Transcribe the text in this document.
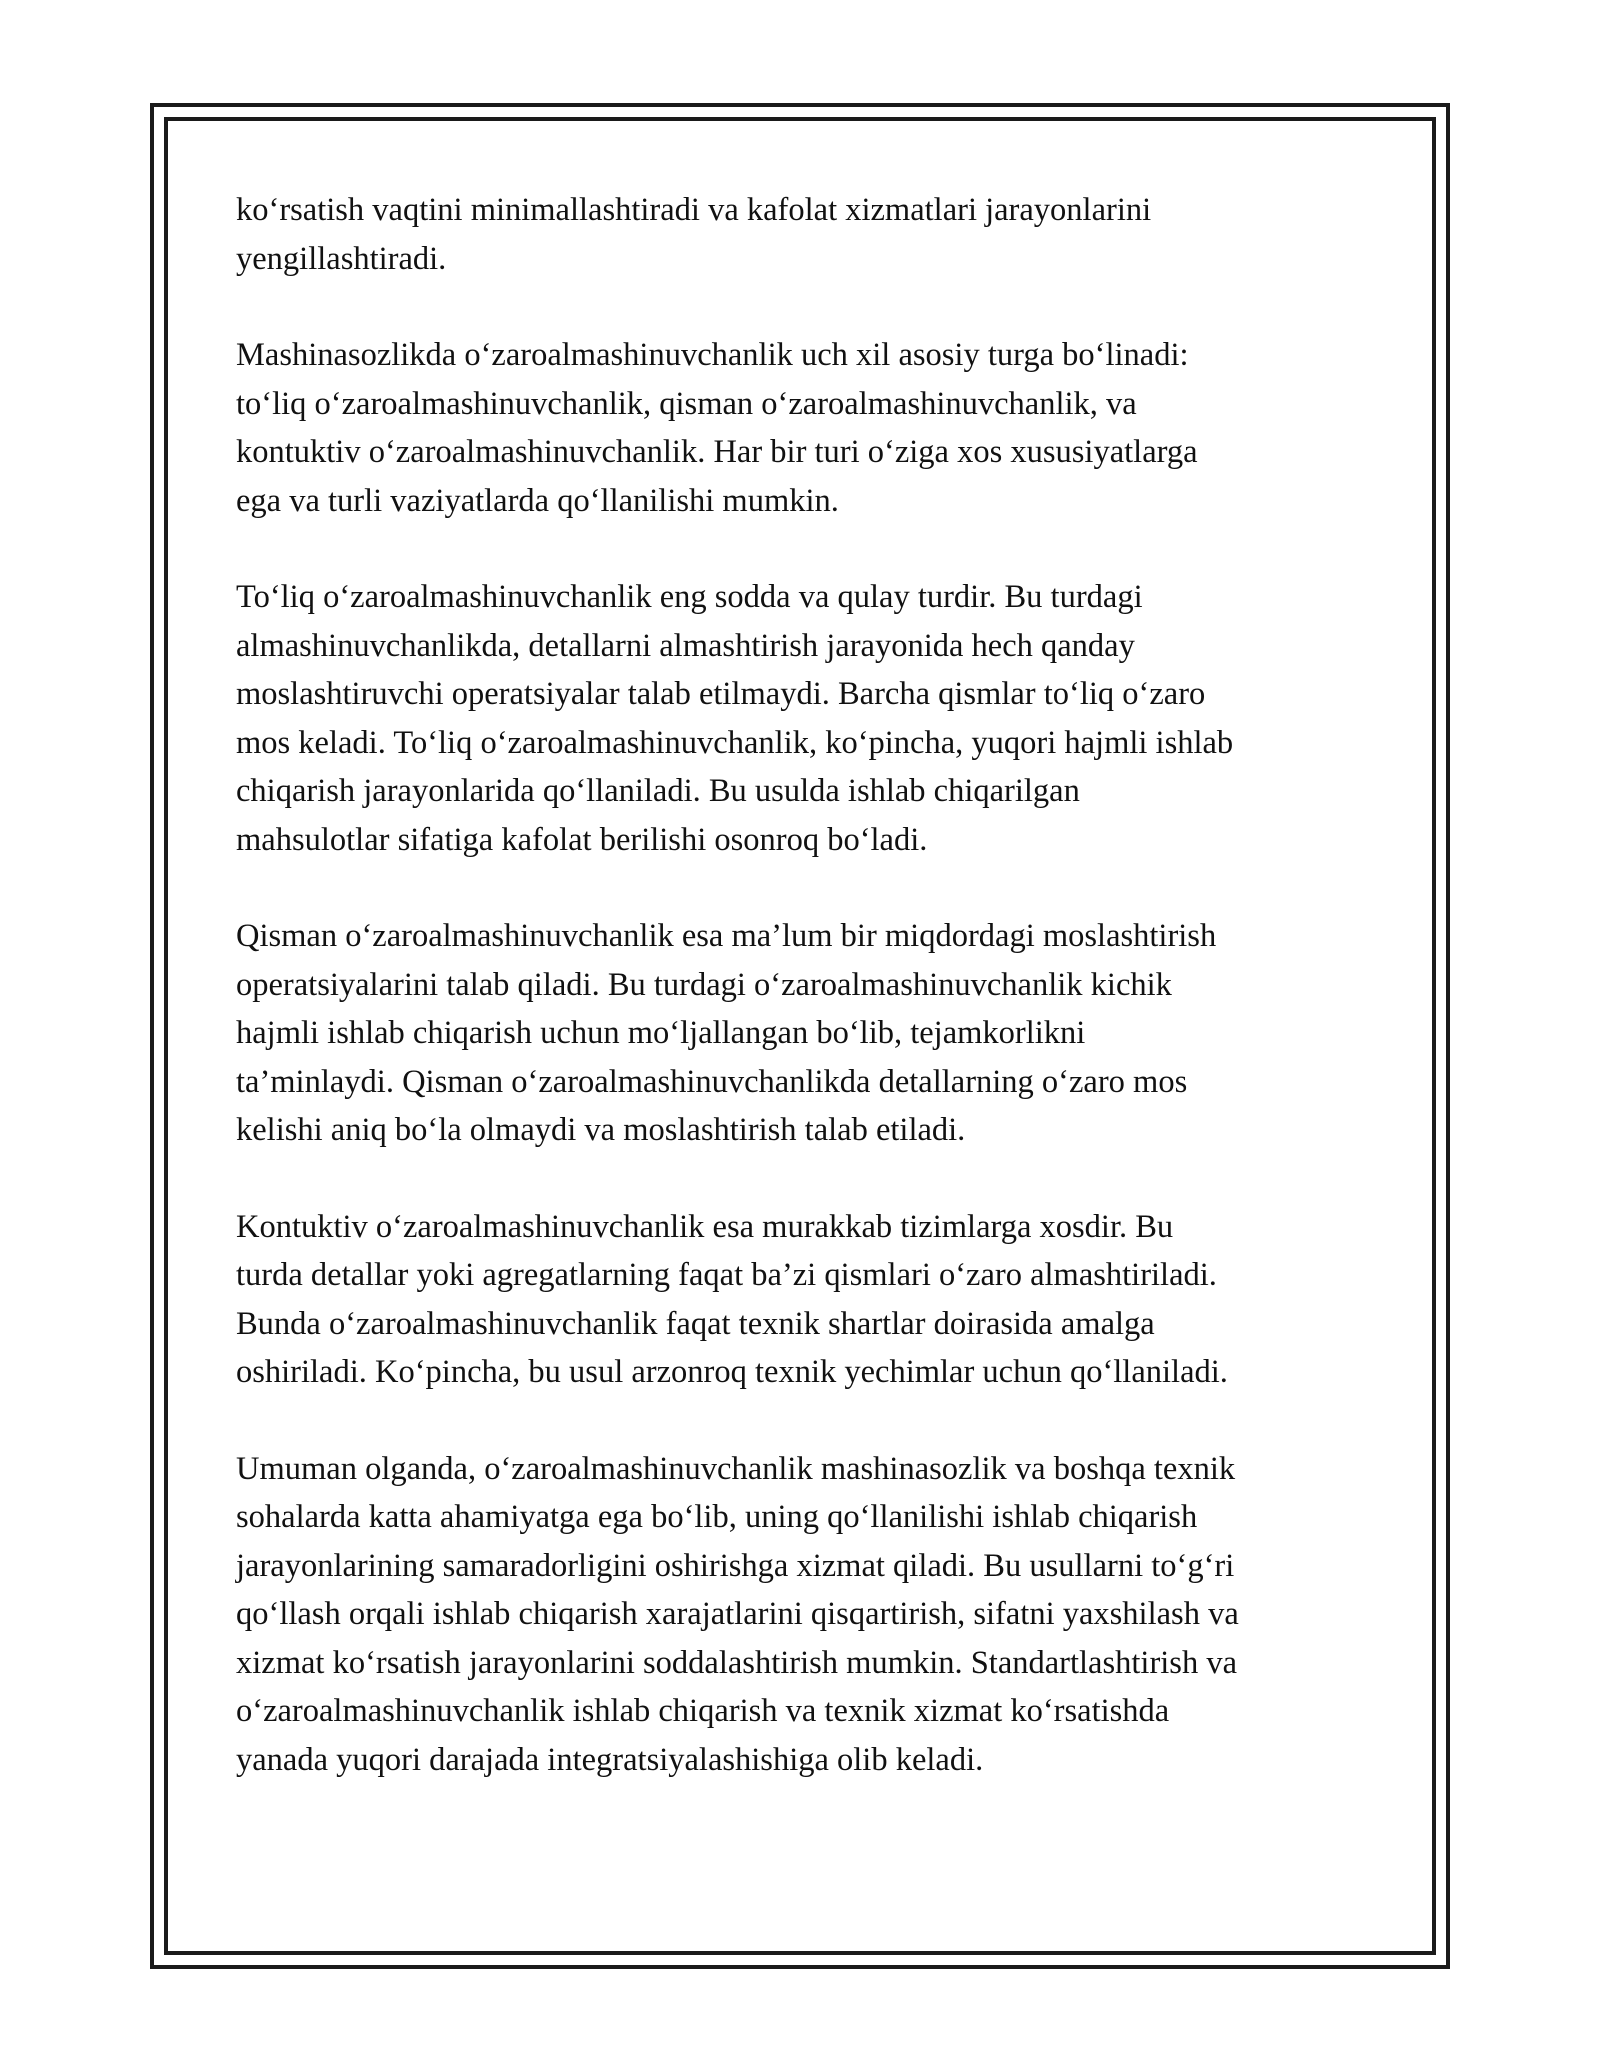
ko‘rsatish vaqtini minimallashtiradi va kafolat xizmatlari jarayonlarini
yengillashtiradi.

Mashinasozlikda o‘zaroalmashinuvchanlik uch xil asosiy turga bo‘linadi:
to‘liq o‘zaroalmashinuvchanlik, qisman o‘zaroalmashinuvchanlik, va
kontuktiv o‘zaroalmashinuvchanlik. Har bir turi o‘ziga xos xususiyatlarga
ega va turli vaziyatlarda qo‘llanilishi mumkin.

To‘liq o‘zaroalmashinuvchanlik eng sodda va qulay turdir. Bu turdagi
almashinuvchanlikda, detallarni almashtirish jarayonida hech qanday
moslashtiruvchi operatsiyalar talab etilmaydi. Barcha qismlar to‘liq o‘zaro
mos keladi. To‘liq o‘zaroalmashinuvchanlik, ko‘pincha, yuqori hajmli ishlab
chiqarish jarayonlarida qo‘llaniladi. Bu usulda ishlab chiqarilgan
mahsulotlar sifatiga kafolat berilishi osonroq bo‘ladi.

Qisman o‘zaroalmashinuvchanlik esa ma’lum bir miqdordagi moslashtirish
operatsiyalarini talab qiladi. Bu turdagi o‘zaroalmashinuvchanlik kichik
hajmli ishlab chiqarish uchun mo‘ljallangan bo‘lib, tejamkorlikni
ta’minlaydi. Qisman o‘zaroalmashinuvchanlikda detallarning o‘zaro mos
kelishi aniq bo‘la olmaydi va moslashtirish talab etiladi.

Kontuktiv o‘zaroalmashinuvchanlik esa murakkab tizimlarga xosdir. Bu
turda detallar yoki agregatlarning faqat ba’zi qismlari o‘zaro almashtiriladi.
Bunda o‘zaroalmashinuvchanlik faqat texnik shartlar doirasida amalga
oshiriladi. Ko‘pincha, bu usul arzonroq texnik yechimlar uchun qo‘llaniladi.

Umuman olganda, o‘zaroalmashinuvchanlik mashinasozlik va boshqa texnik
sohalarda katta ahamiyatga ega bo‘lib, uning qo‘llanilishi ishlab chiqarish
jarayonlarining samaradorligini oshirishga xizmat qiladi. Bu usullarni to‘g‘ri
qo‘llash orqali ishlab chiqarish xarajatlarini qisqartirish, sifatni yaxshilash va
xizmat ko‘rsatish jarayonlarini soddalashtirish mumkin. Standartlashtirish va
o‘zaroalmashinuvchanlik ishlab chiqarish va texnik xizmat ko‘rsatishda
yanada yuqori darajada integratsiyalashishiga olib keladi.
